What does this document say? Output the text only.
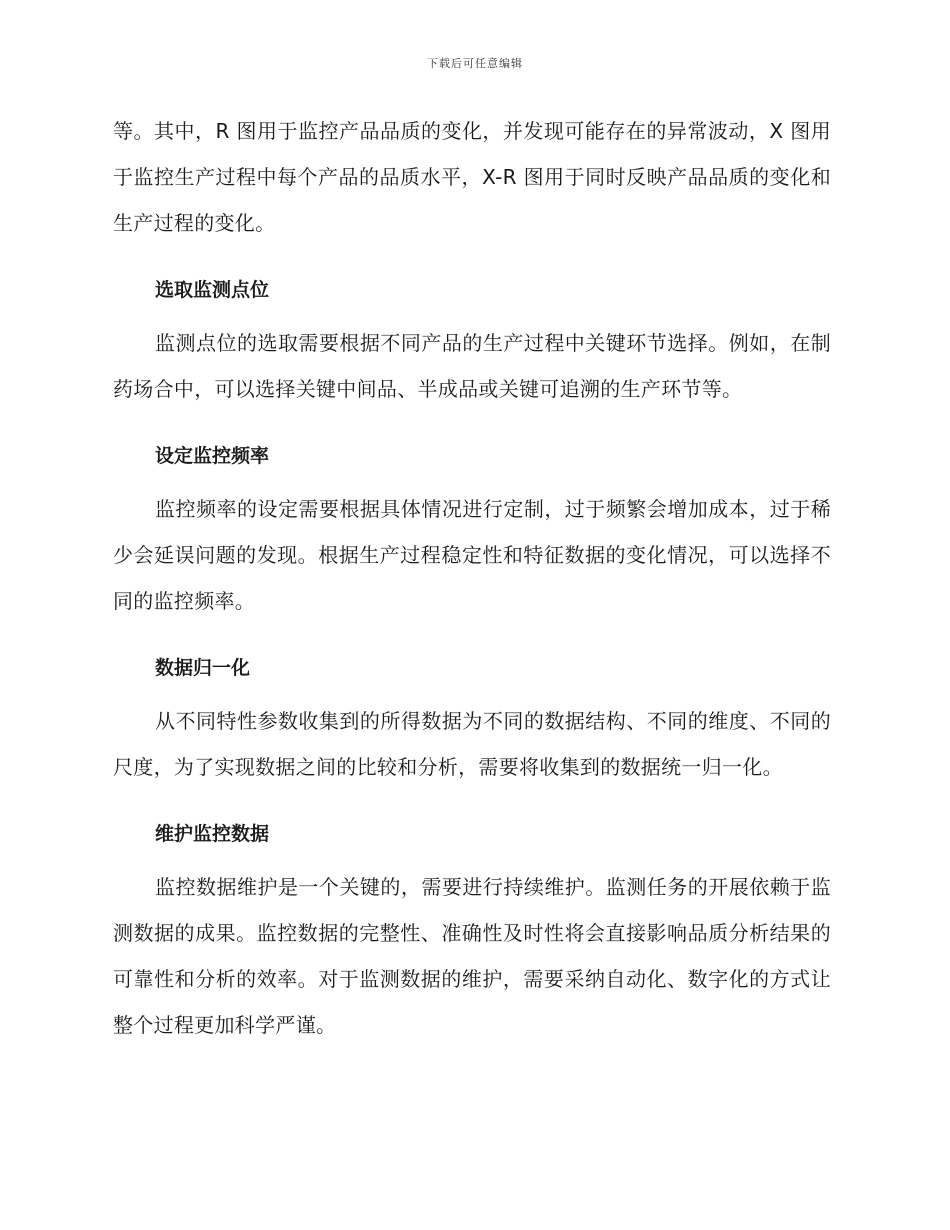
下载后可任意编辑

等。其中，R 图用于监控产品品质的变化，并发现可能存在的异常波动，X 图用于监控生产过程中每个产品的品质水平，X-R 图用于同时反映产品品质的变化和生产过程的变化。

选取监测点位

监测点位的选取需要根据不同产品的生产过程中关键环节选择。例如，在制药场合中，可以选择关键中间品、半成品或关键可追溯的生产环节等。

设定监控频率

监控频率的设定需要根据具体情况进行定制，过于频繁会增加成本，过于稀少会延误问题的发现。根据生产过程稳定性和特征数据的变化情况，可以选择不同的监控频率。

数据归一化

从不同特性参数收集到的所得数据为不同的数据结构、不同的维度、不同的尺度，为了实现数据之间的比较和分析，需要将收集到的数据统一归一化。

维护监控数据

监控数据维护是一个关键的，需要进行持续维护。监测任务的开展依赖于监测数据的成果。监控数据的完整性、准确性及时性将会直接影响品质分析结果的可靠性和分析的效率。对于监测数据的维护，需要采纳自动化、数字化的方式让整个过程更加科学严谨。
